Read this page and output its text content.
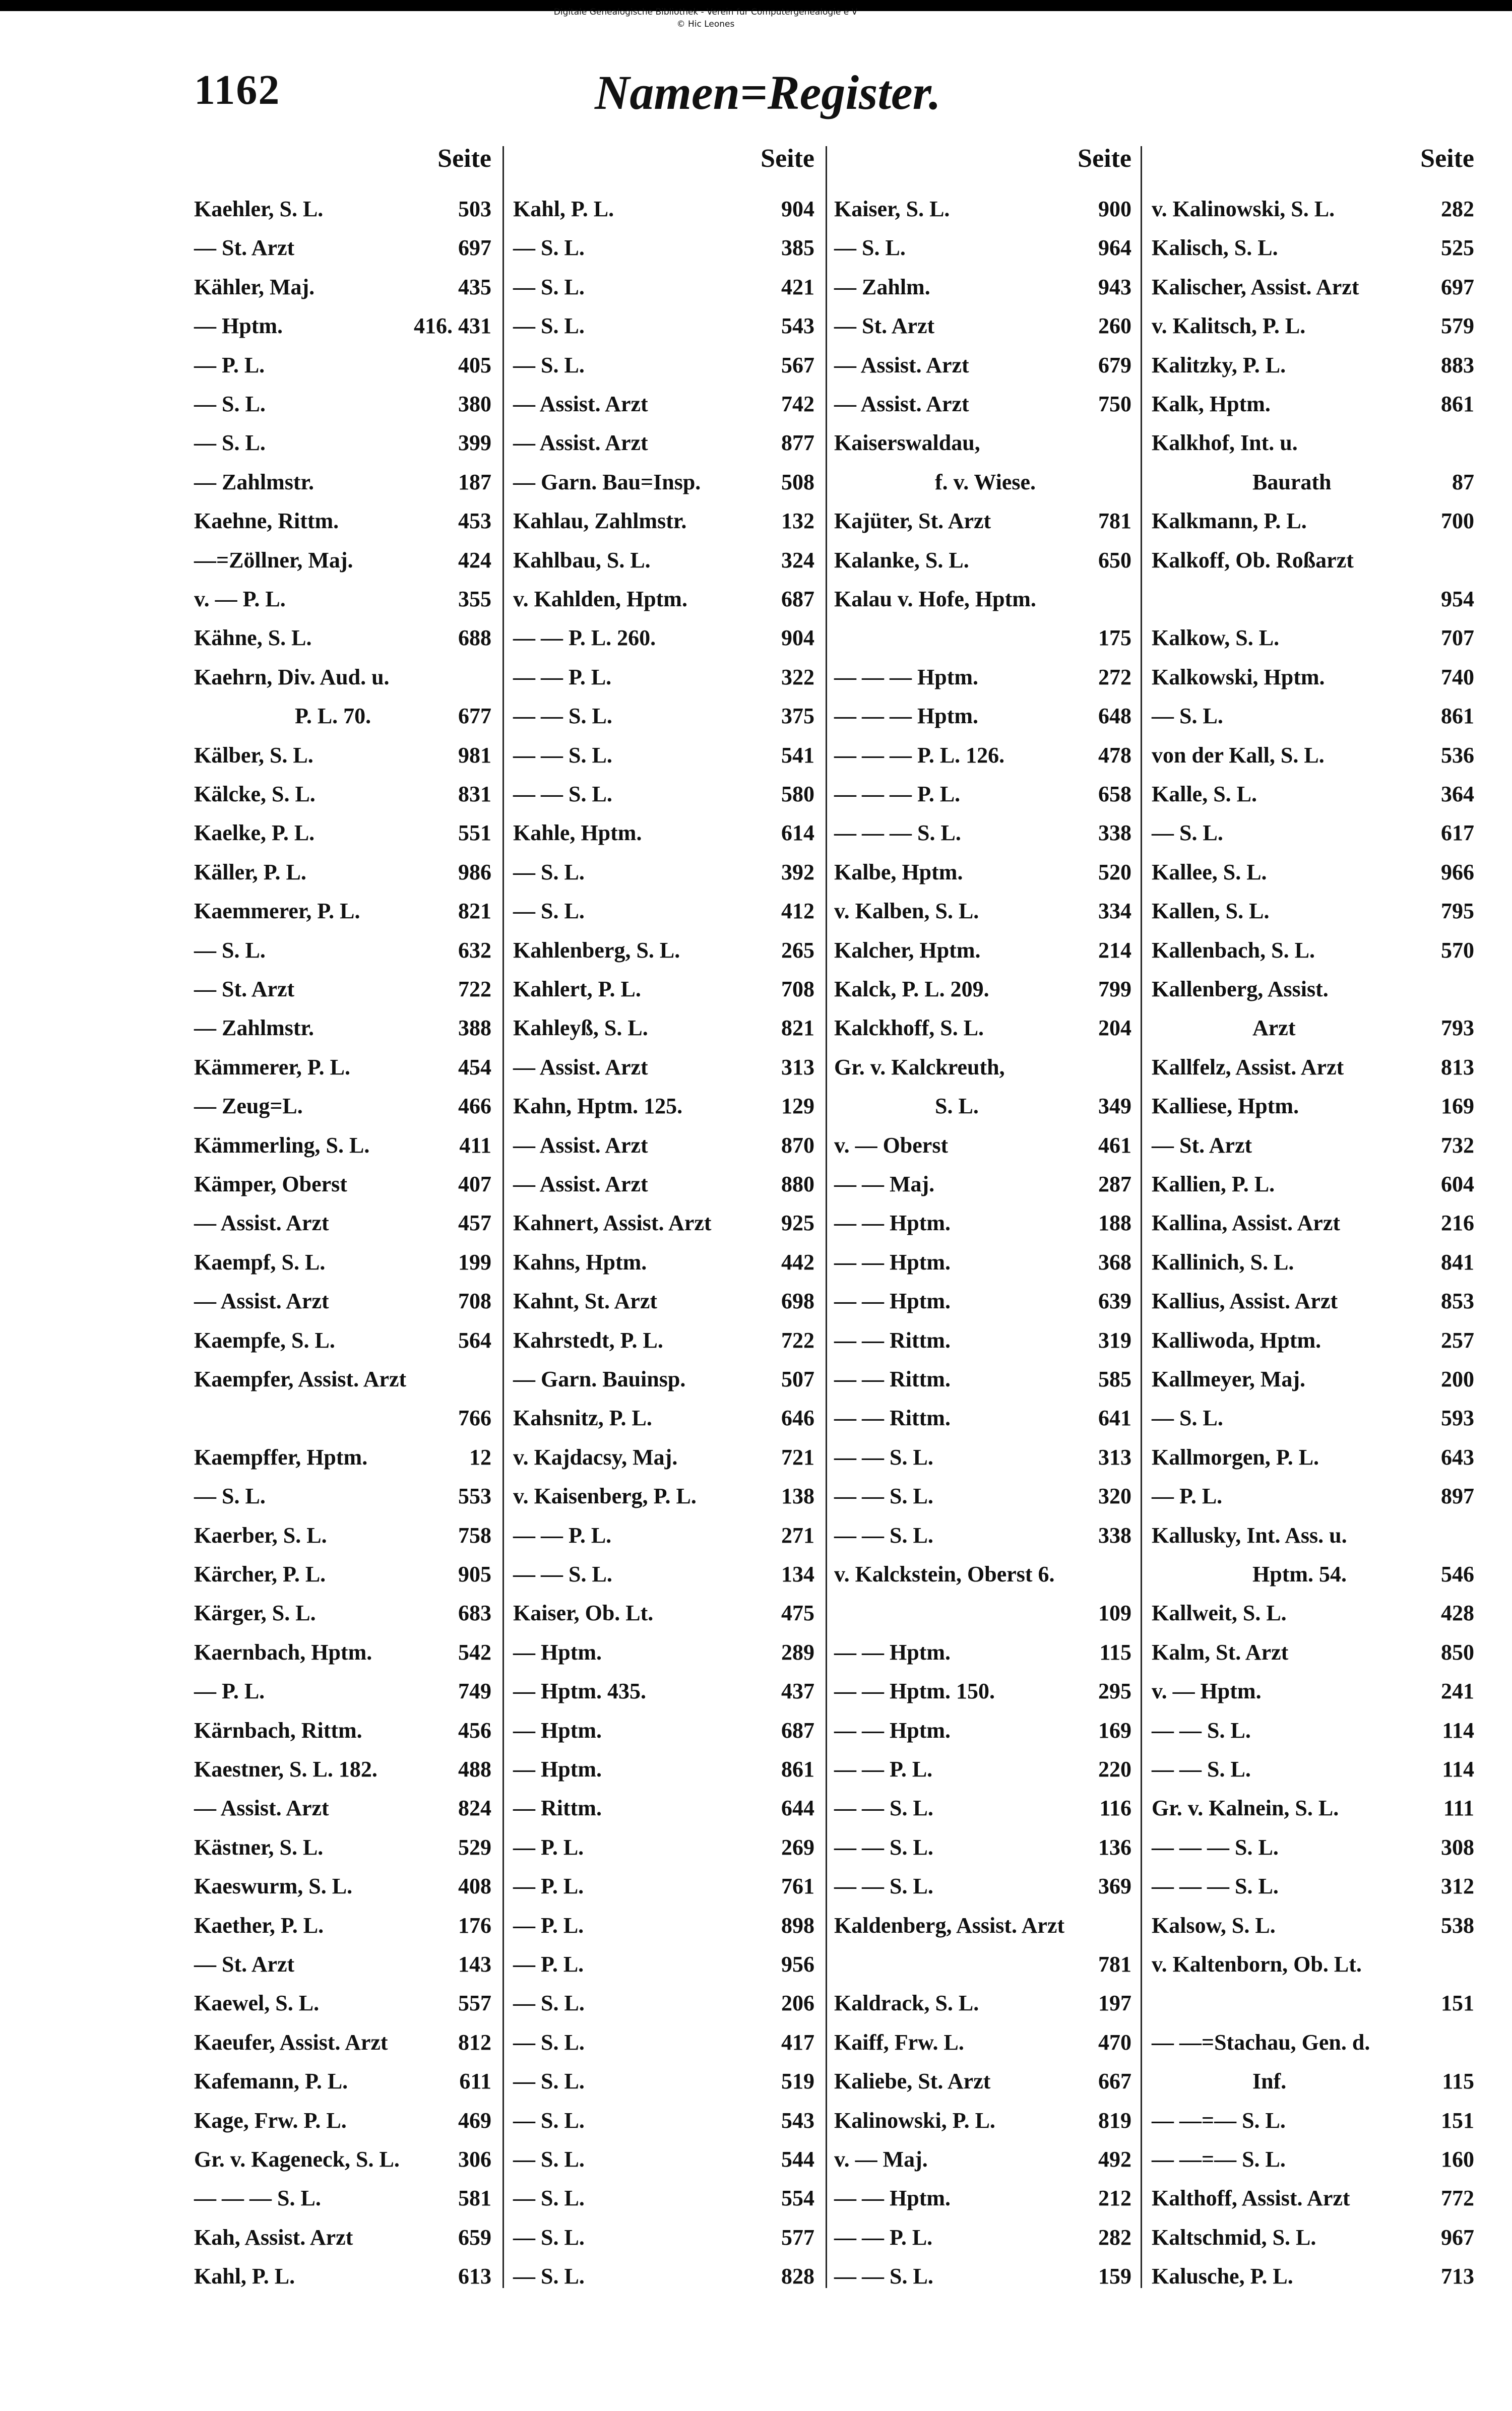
Digitale Genealogische Bibliothek - Verein fur Computergenealogie e V
© Hic Leones
1162	Namen=Register.
Seite
Kaehler, S. L.	503
— St. Arzt	697
Kähler, Maj.	435
— Hptm.	416. 431
— P. L.	405
— S. L.	380
— S. L.	399
— Zahlmstr.	187
Kaehne, Rittm.	453
—=Zöllner, Maj.	424
v. — P. L.	355
Kähne, S. L.	688
Kaehrn, Div. Aud. u.
P. L. 70.	677
Kälber, S. L.	981
Kälcke, S. L.	831
Kaelke, P. L.	551
Käller, P. L.	986
Kaemmerer, P. L.	821
— S. L.	632
— St. Arzt	722
— Zahlmstr.	388
Kämmerer, P. L.	454
— Zeug=L.	466
Kämmerling, S. L.	411
Kämper, Oberst	407
— Assist. Arzt	457
Kaempf, S. L.	199
— Assist. Arzt	708
Kaempfe, S. L.	564
Kaempfer, Assist. Arzt
766
Kaempffer, Hptm.	12
— S. L.	553
Kaerber, S. L.	758
Kärcher, P. L.	905
Kärger, S. L.	683
Kaernbach, Hptm.	542
— P. L.	749
Kärnbach, Rittm.	456
Kaestner, S. L. 182.	488
— Assist. Arzt	824
Kästner, S. L.	529
Kaeswurm, S. L.	408
Kaether, P. L.	176
— St. Arzt	143
Kaewel, S. L.	557
Kaeufer, Assist. Arzt	812
Kafemann, P. L.	611
Kage, Frw. P. L.	469
Gr. v. Kageneck, S. L.	306
— — — S. L.	581
Kah, Assist. Arzt	659
Kahl, P. L.	613
Seite
Kahl, P. L.	904
— S. L.	385
— S. L.	421
— S. L.	543
— S. L.	567
— Assist. Arzt	742
— Assist. Arzt	877
— Garn. Bau=Insp.	508
Kahlau, Zahlmstr.	132
Kahlbau, S. L.	324
v. Kahlden, Hptm.	687
— — P. L. 260.	904
— — P. L.	322
— — S. L.	375
— — S. L.	541
— — S. L.	580
Kahle, Hptm.	614
— S. L.	392
— S. L.	412
Kahlenberg, S. L.	265
Kahlert, P. L.	708
Kahleyß, S. L.	821
— Assist. Arzt	313
Kahn, Hptm. 125.	129
— Assist. Arzt	870
— Assist. Arzt	880
Kahnert, Assist. Arzt	925
Kahns, Hptm.	442
Kahnt, St. Arzt	698
Kahrstedt, P. L.	722
— Garn. Bauinsp.	507
Kahsnitz, P. L.	646
v. Kajdacsy, Maj.	721
v. Kaisenberg, P. L.	138
— — P. L.	271
— — S. L.	134
Kaiser, Ob. Lt.	475
— Hptm.	289
— Hptm. 435.	437
— Hptm.	687
— Hptm.	861
— Rittm.	644
— P. L.	269
— P. L.	761
— P. L.	898
— P. L.	956
— S. L.	206
— S. L.	417
— S. L.	519
— S. L.	543
— S. L.	544
— S. L.	554
— S. L.	577
— S. L.	828
Seite
Kaiser, S. L.	900
— S. L.	964
— Zahlm.	943
— St. Arzt	260
— Assist. Arzt	679
— Assist. Arzt	750
Kaiserswaldau,
f. v. Wiese.
Kajüter, St. Arzt	781
Kalanke, S. L.	650
Kalau v. Hofe, Hptm.
175
— — — Hptm.	272
— — — Hptm.	648
— — — P. L. 126.	478
— — — P. L.	658
— — — S. L.	338
Kalbe, Hptm.	520
v. Kalben, S. L.	334
Kalcher, Hptm.	214
Kalck, P. L. 209.	799
Kalckhoff, S. L.	204
Gr. v. Kalckreuth,
S. L.	349
v. — Oberst	461
— — Maj.	287
— — Hptm.	188
— — Hptm.	368
— — Hptm.	639
— — Rittm.	319
— — Rittm.	585
— — Rittm.	641
— — S. L.	313
— — S. L.	320
— — S. L.	338
v. Kalckstein, Oberst 6.
109
— — Hptm.	115
— — Hptm. 150.	295
— — Hptm.	169
— — P. L.	220
— — S. L.	116
— — S. L.	136
— — S. L.	369
Kaldenberg, Assist. Arzt
781
Kaldrack, S. L.	197
Kaiff, Frw. L.	470
Kaliebe, St. Arzt	667
Kalinowski, P. L.	819
v. — Maj.	492
— — Hptm.	212
— — P. L.	282
— — S. L.	159
Seite
v. Kalinowski, S. L.	282
Kalisch, S. L.	525
Kalischer, Assist. Arzt	697
v. Kalitsch, P. L.	579
Kalitzky, P. L.	883
Kalk, Hptm.	861
Kalkhof, Int. u.
Baurath	87
Kalkmann, P. L.	700
Kalkoff, Ob. Roßarzt
954
Kalkow, S. L.	707
Kalkowski, Hptm.	740
— S. L.	861
von der Kall, S. L.	536
Kalle, S. L.	364
— S. L.	617
Kallee, S. L.	966
Kallen, S. L.	795
Kallenbach, S. L.	570
Kallenberg, Assist.
Arzt	793
Kallfelz, Assist. Arzt	813
Kalliese, Hptm.	169
— St. Arzt	732
Kallien, P. L.	604
Kallina, Assist. Arzt	216
Kallinich, S. L.	841
Kallius, Assist. Arzt	853
Kalliwoda, Hptm.	257
Kallmeyer, Maj.	200
— S. L.	593
Kallmorgen, P. L.	643
— P. L.	897
Kallusky, Int. Ass. u.
Hptm. 54.	546
Kallweit, S. L.	428
Kalm, St. Arzt	850
v. — Hptm.	241
— — S. L.	114
— — S. L.	114
Gr. v. Kalnein, S. L.	111
— — — S. L.	308
— — — S. L.	312
Kalsow, S. L.	538
v. Kaltenborn, Ob. Lt.
151
— —=Stachau, Gen. d.
Inf.	115
— —=— S. L.	151
— —=— S. L.	160
Kalthoff, Assist. Arzt	772
Kaltschmid, S. L.	967
Kalusche, P. L.	713
